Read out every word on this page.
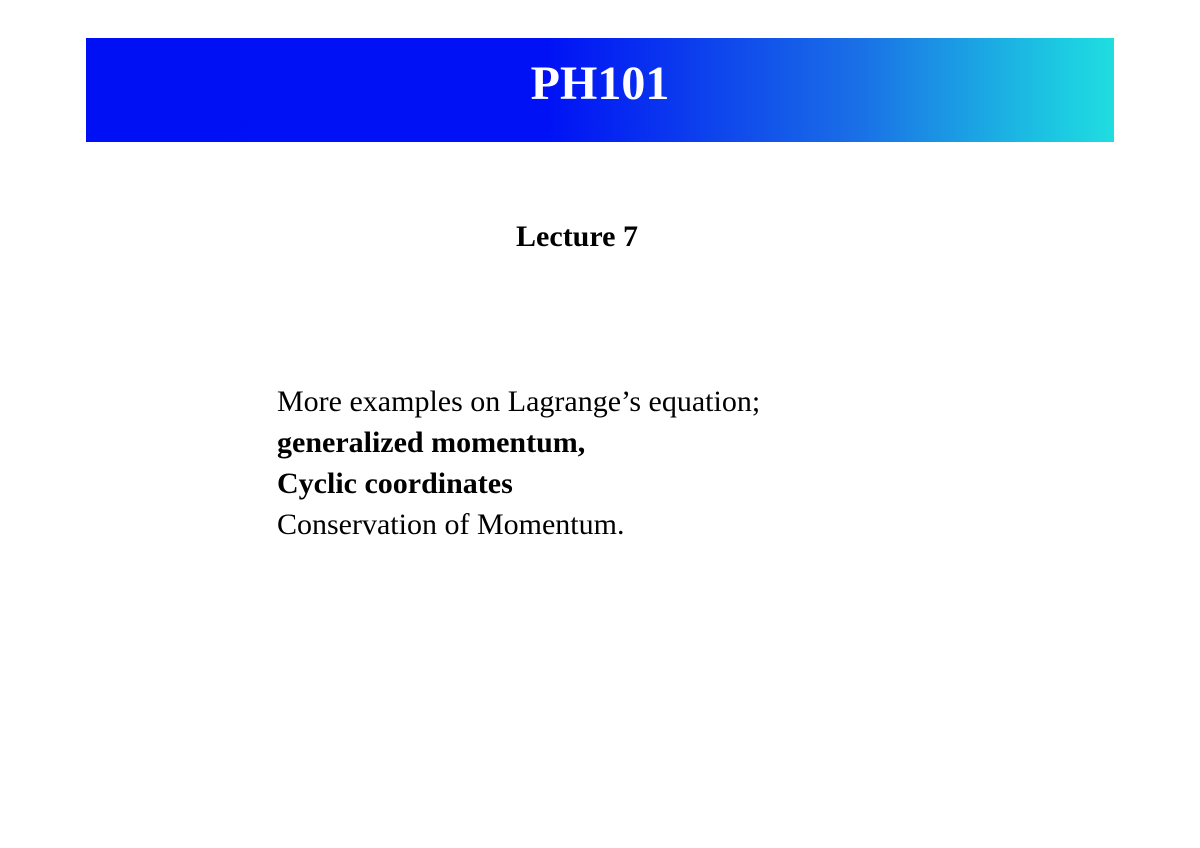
PH101
Lecture 7
More examples on Lagrange’s equation;
generalized momentum,
Cyclic coordinates
Conservation of Momentum.
